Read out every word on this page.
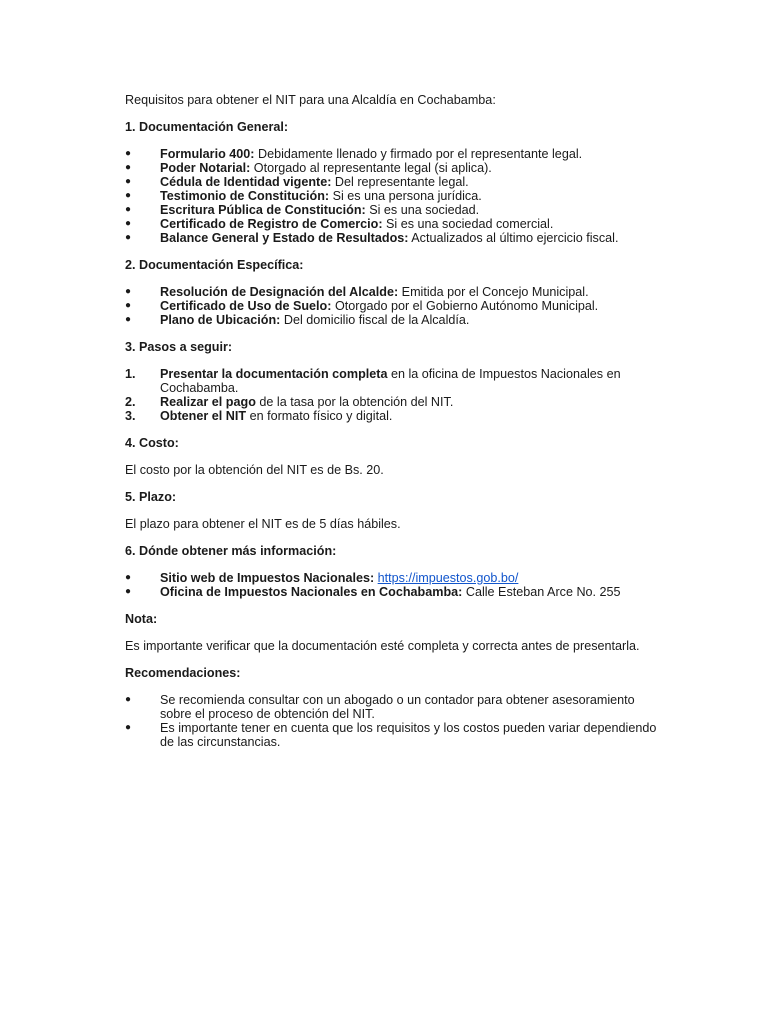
Requisitos para obtener el NIT para una Alcaldía en Cochabamba:

1. Documentación General:

●	Formulario 400: Debidamente llenado y firmado por el representante legal.
●	Poder Notarial: Otorgado al representante legal (si aplica).
●	Cédula de Identidad vigente: Del representante legal.
●	Testimonio de Constitución: Si es una persona jurídica.
●	Escritura Pública de Constitución: Si es una sociedad.
●	Certificado de Registro de Comercio: Si es una sociedad comercial.
●	Balance General y Estado de Resultados: Actualizados al último ejercicio fiscal.

2. Documentación Específica:

●	Resolución de Designación del Alcalde: Emitida por el Concejo Municipal.
●	Certificado de Uso de Suelo: Otorgado por el Gobierno Autónomo Municipal.
●	Plano de Ubicación: Del domicilio fiscal de la Alcaldía.

3. Pasos a seguir:

1.	Presentar la documentación completa en la oficina de Impuestos Nacionales en Cochabamba.
2.	Realizar el pago de la tasa por la obtención del NIT.
3.	Obtener el NIT en formato físico y digital.

4. Costo:

El costo por la obtención del NIT es de Bs. 20.

5. Plazo:

El plazo para obtener el NIT es de 5 días hábiles.

6. Dónde obtener más información:

●	Sitio web de Impuestos Nacionales: https://impuestos.gob.bo/
●	Oficina de Impuestos Nacionales en Cochabamba: Calle Esteban Arce No. 255

Nota:

Es importante verificar que la documentación esté completa y correcta antes de presentarla.

Recomendaciones:

●	Se recomienda consultar con un abogado o un contador para obtener asesoramiento sobre el proceso de obtención del NIT.
●	Es importante tener en cuenta que los requisitos y los costos pueden variar dependiendo de las circunstancias.
